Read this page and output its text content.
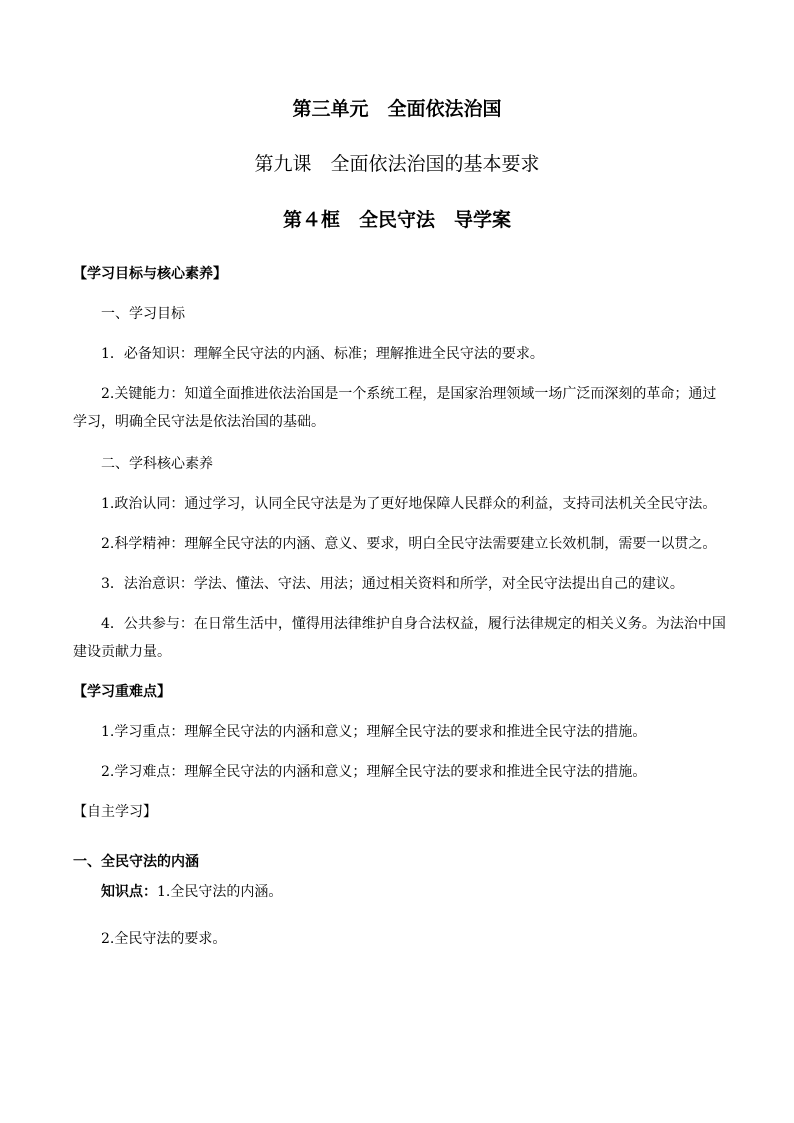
第三单元　全面依法治国
第九课　全面依法治国的基本要求
第４框　全民守法　导学案
【学习目标与核心素养】
一、学习目标
1．必备知识：理解全民守法的内涵、标准；理解推进全民守法的要求。
2.关键能力：知道全面推进依法治国是一个系统工程，是国家治理领域一场广泛而深刻的革命；通过
学习，明确全民守法是依法治国的基础。
二、学科核心素养
1.政治认同：通过学习，认同全民守法是为了更好地保障人民群众的利益，支持司法机关全民守法。
2.科学精神：理解全民守法的内涵、意义、要求，明白全民守法需要建立长效机制，需要一以贯之。
3．法治意识：学法、懂法、守法、用法；通过相关资料和所学，对全民守法提出自己的建议。
4．公共参与：在日常生活中，懂得用法律维护自身合法权益，履行法律规定的相关义务。为法治中国
建设贡献力量。
【学习重难点】
1.学习重点：理解全民守法的内涵和意义；理解全民守法的要求和推进全民守法的措施。
2.学习难点：理解全民守法的内涵和意义；理解全民守法的要求和推进全民守法的措施。
【自主学习】
一、全民守法的内涵
知识点：1.全民守法的内涵。
2.全民守法的要求。
